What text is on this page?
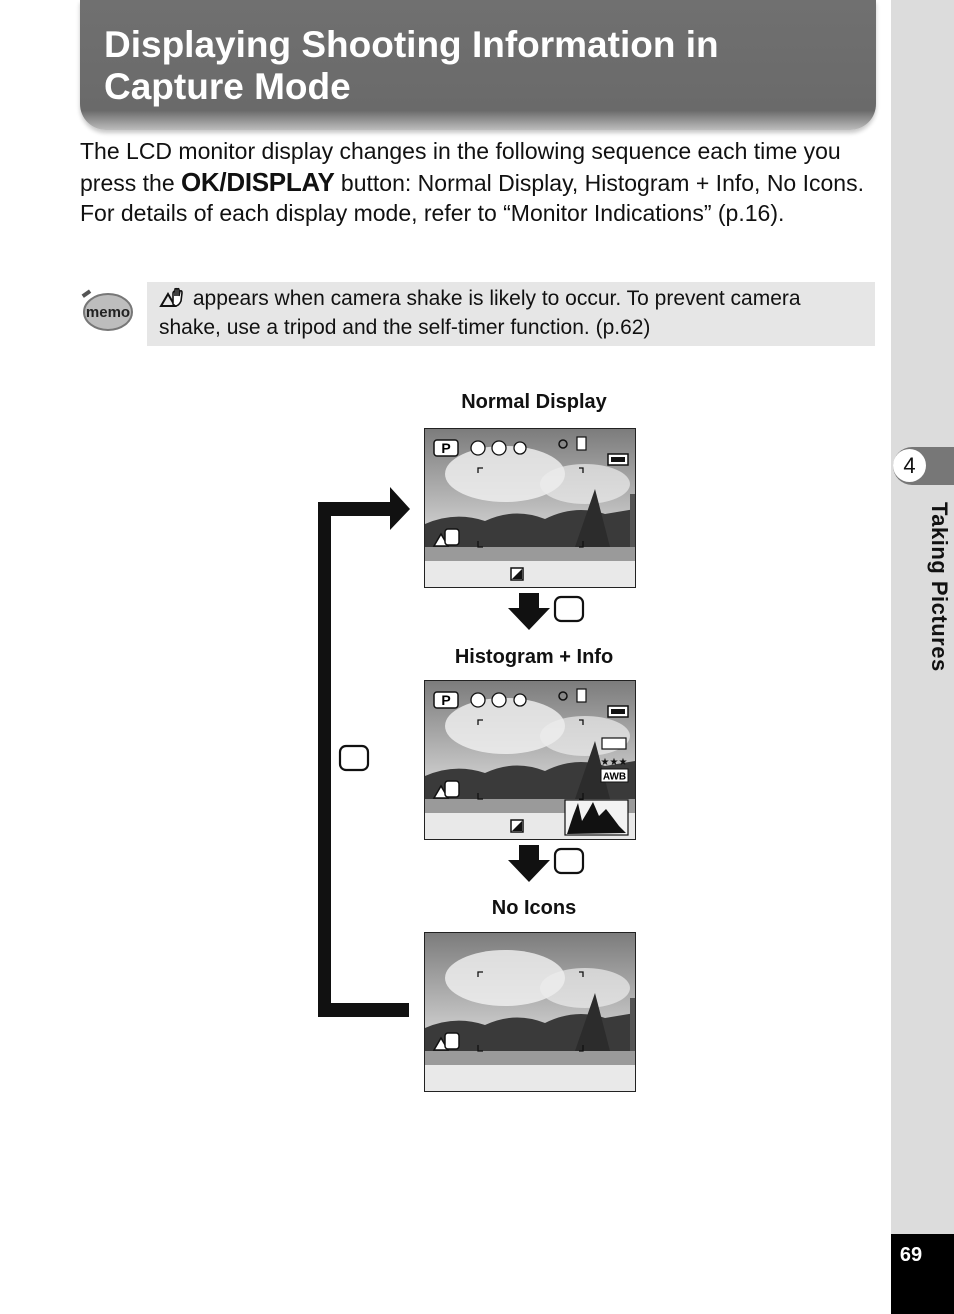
Displaying Shooting Information in Capture Mode

The LCD monitor display changes in the following sequence each time you press the OK/DISPLAY button: Normal Display, Histogram + Info, No Icons.
For details of each display mode, refer to “Monitor Indications” (p.16).

memo
appears when camera shake is likely to occur. To prevent camera shake, use a tripod and the self-timer function. (p.62)
4
Taking Pictures
69
Normal Display
Histogram + Info
No Icons
P
P
★★★
AWB
